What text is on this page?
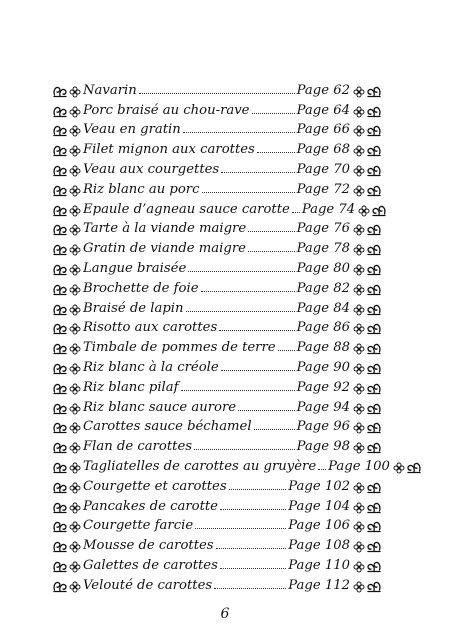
Navarin	Page 62
Porc braisé au chou-rave	Page 64
Veau en gratin	Page 66
Filet mignon aux carottes	Page 68
Veau aux courgettes	Page 70
Riz blanc au porc	Page 72
Epaule d’agneau sauce carotte Page 74
Tarte à la viande maigre	Page 76
Gratin de viande maigre	Page 78
Langue braisée	Page 80
Brochette de foie	Page 82
Braisé de lapin	Page 84
Risotto aux carottes	Page 86
Timbale de pommes de terre Page 88
Riz blanc à la créole	Page 90
Riz blanc pilaf	Page 92
Riz blanc sauce aurore	Page 94
Carottes sauce béchamel	Page 96
Flan de carottes	Page 98
Tagliatelles de carottes au gruyère Page 100
Courgette et carottes	Page 102
Pancakes de carotte	Page 104
Courgette farcie	Page 106
Mousse de carottes	Page 108
Galettes de carottes	Page 110
Velouté de carottes	Page 112
6
